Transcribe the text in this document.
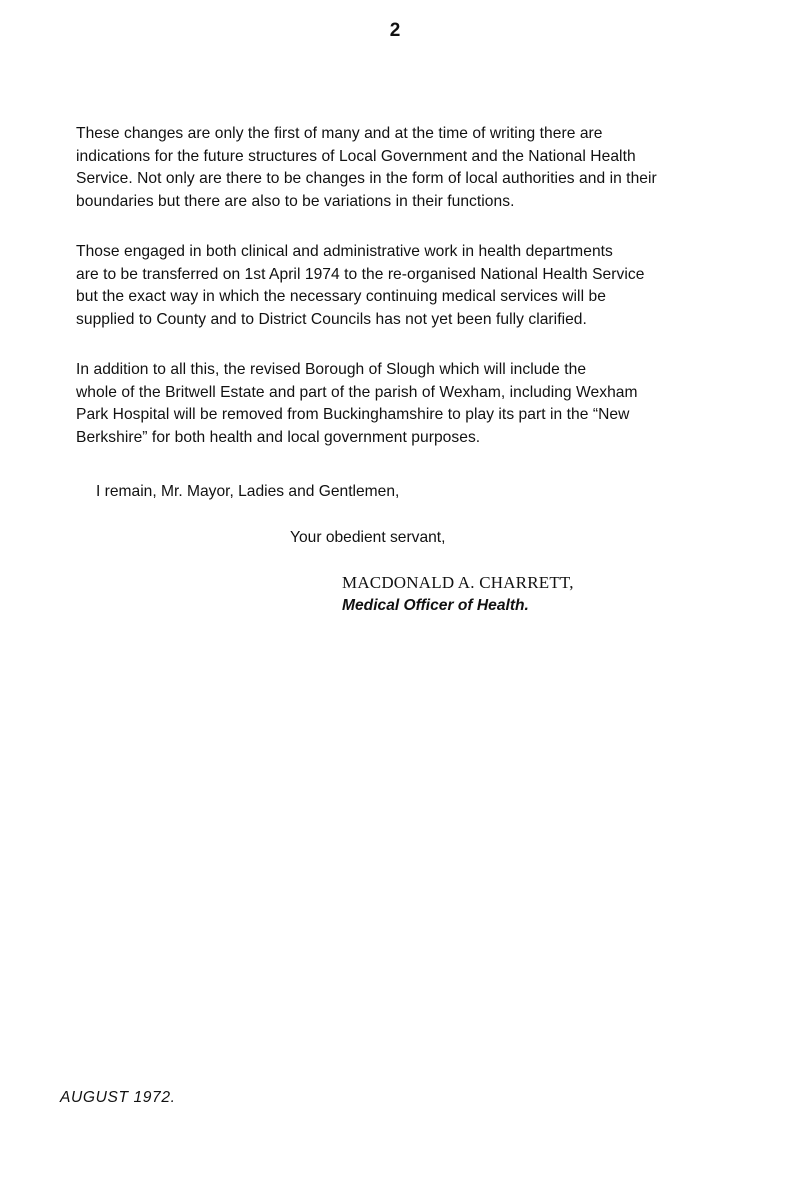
2

These changes are only the first of many and at the time of writing there are
indications for the future structures of Local Government and the National Health
Service. Not only are there to be changes in the form of local authorities and in their
boundaries but there are also to be variations in their functions.

Those engaged in both clinical and administrative work in health departments
are to be transferred on 1st April 1974 to the re-organised National Health Service
but the exact way in which the necessary continuing medical services will be
supplied to County and to District Councils has not yet been fully clarified.

In addition to all this, the revised Borough of Slough which will include the
whole of the Britwell Estate and part of the parish of Wexham, including Wexham
Park Hospital will be removed from Buckinghamshire to play its part in the “New
Berkshire” for both health and local government purposes.

I remain, Mr. Mayor, Ladies and Gentlemen,
Your obedient servant,
MACDONALD A. CHARRETT,
Medical Officer of Health.
AUGUST 1972.
